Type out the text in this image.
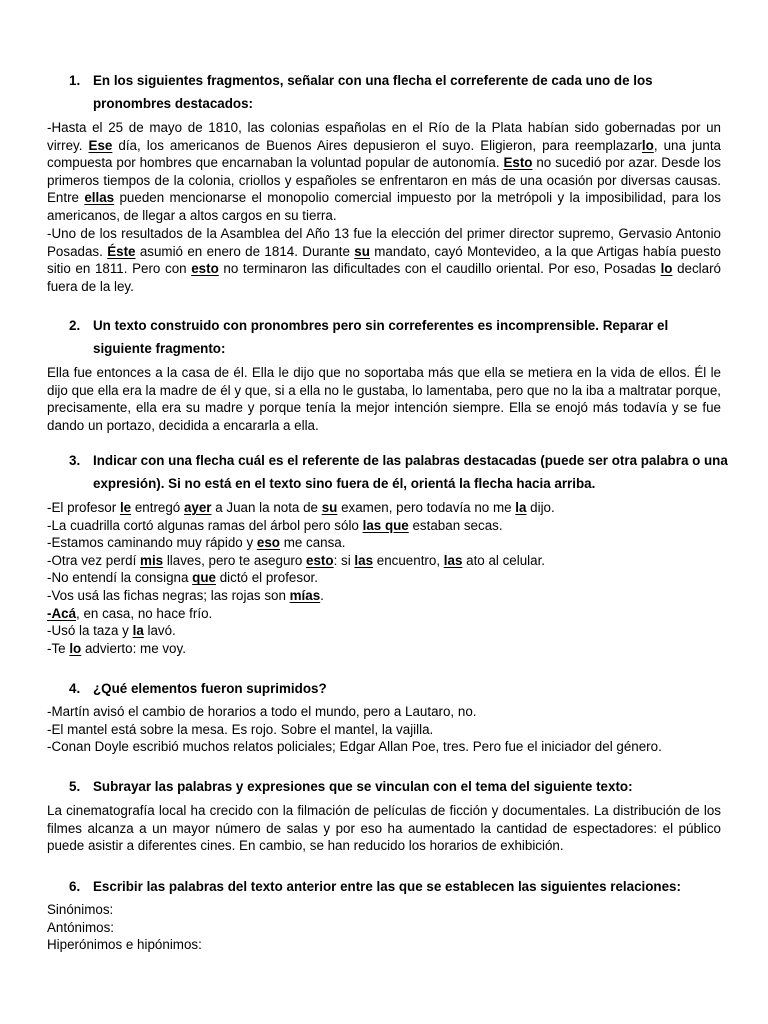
1. En los siguientes fragmentos, señalar con una flecha el correferente de cada uno de los pronombres destacados:
-Hasta el 25 de mayo de 1810, las colonias españolas en el Río de la Plata habían sido gobernadas por un virrey. Ese día, los americanos de Buenos Aires depusieron el suyo. Eligieron, para reemplazarlo, una junta compuesta por hombres que encarnaban la voluntad popular de autonomía. Esto no sucedió por azar. Desde los primeros tiempos de la colonia, criollos y españoles se enfrentaron en más de una ocasión por diversas causas. Entre ellas pueden mencionarse el monopolio comercial impuesto por la metrópoli y la imposibilidad, para los americanos, de llegar a altos cargos en su tierra.
-Uno de los resultados de la Asamblea del Año 13 fue la elección del primer director supremo, Gervasio Antonio Posadas. Éste asumió en enero de 1814. Durante su mandato, cayó Montevideo, a la que Artigas había puesto sitio en 1811. Pero con esto no terminaron las dificultades con el caudillo oriental. Por eso, Posadas lo declaró fuera de la ley.
2. Un texto construido con pronombres pero sin correferentes es incomprensible. Reparar el siguiente fragmento:
Ella fue entonces a la casa de él. Ella le dijo que no soportaba más que ella se metiera en la vida de ellos. Él le dijo que ella era la madre de él y que, si a ella no le gustaba, lo lamentaba, pero que no la iba a maltratar porque, precisamente, ella era su madre y porque tenía la mejor intención siempre. Ella se enojó más todavía y se fue dando un portazo, decidida a encararla a ella.
3. Indicar con una flecha cuál es el referente de las palabras destacadas (puede ser otra palabra o una expresión). Si no está en el texto sino fuera de él, orientá la flecha hacia arriba.
-El profesor le entregó ayer a Juan la nota de su examen, pero todavía no me la dijo.
-La cuadrilla cortó algunas ramas del árbol pero sólo las que estaban secas.
-Estamos caminando muy rápido y eso me cansa.
-Otra vez perdí mis llaves, pero te aseguro esto: si las encuentro, las ato al celular.
-No entendí la consigna que dictó el profesor.
-Vos usá las fichas negras; las rojas son mías.
-Acá, en casa, no hace frío.
-Usó la taza y la lavó.
-Te lo advierto: me voy.
4. ¿Qué elementos fueron suprimidos?
-Martín avisó el cambio de horarios a todo el mundo, pero a Lautaro, no.
-El mantel está sobre la mesa. Es rojo. Sobre el mantel, la vajilla.
-Conan Doyle escribió muchos relatos policiales; Edgar Allan Poe, tres. Pero fue el iniciador del género.
5. Subrayar las palabras y expresiones que se vinculan con el tema del siguiente texto:
La cinematografía local ha crecido con la filmación de películas de ficción y documentales. La distribución de los filmes alcanza a un mayor número de salas y por eso ha aumentado la cantidad de espectadores: el público puede asistir a diferentes cines. En cambio, se han reducido los horarios de exhibición.
6. Escribir las palabras del texto anterior entre las que se establecen las siguientes relaciones:
Sinónimos:
Antónimos:
Hiperónimos e hipónimos:
